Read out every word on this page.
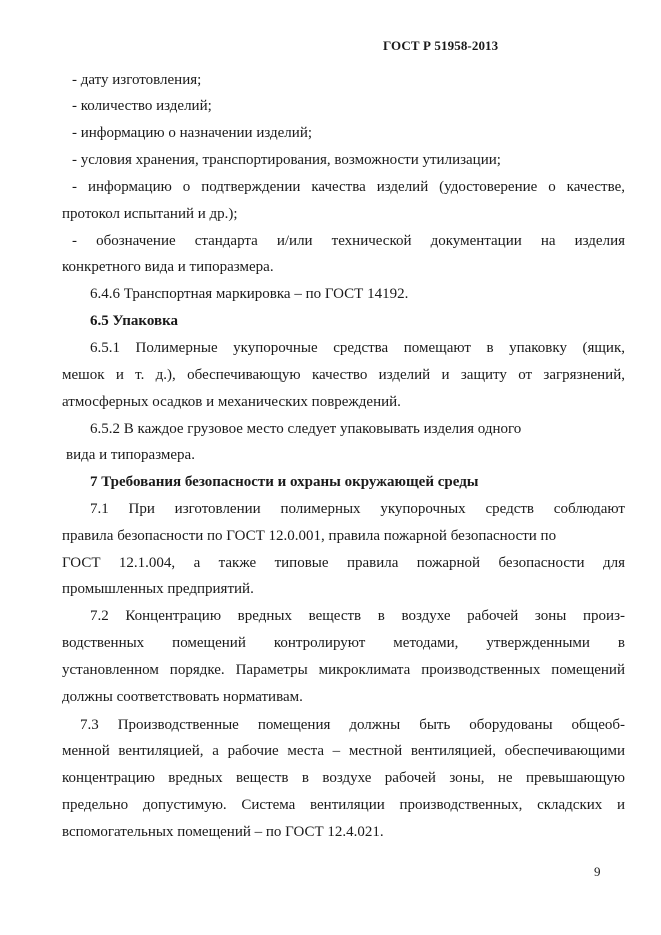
ГОСТ Р 51958-2013
- дату изготовления;
- количество изделий;
- информацию о назначении изделий;
- условия хранения, транспортирования, возможности утилизации;
- информацию о подтверждении качества изделий (удостоверение о качестве,
протокол испытаний и др.);
- обозначение стандарта и/или технической документации на изделия
конкретного вида и типоразмера.
6.4.6 Транспортная маркировка – по ГОСТ 14192.
6.5 Упаковка
6.5.1 Полимерные укупорочные средства помещают в упаковку (ящик,
мешок и т. д.), обеспечивающую качество изделий и защиту от загрязнений,
атмосферных осадков и механических повреждений.
6.5.2 В каждое грузовое место следует упаковывать изделия одного
вида и типоразмера.
7 Требования безопасности и охраны окружающей среды
7.1 При изготовлении полимерных укупорочных средств соблюдают
правила безопасности по ГОСТ 12.0.001, правила пожарной безопасности по
ГОСТ 12.1.004, а также типовые правила пожарной безопасности для
промышленных предприятий.
7.2 Концентрацию вредных веществ в воздухе рабочей зоны произ-
водственных помещений контролируют методами, утвержденными в
установленном порядке. Параметры микроклимата производственных помещений
должны соответствовать нормативам.
7.3 Производственные помещения должны быть оборудованы общеоб-
менной вентиляцией, а рабочие места – местной вентиляцией, обеспечивающими
концентрацию вредных веществ в воздухе рабочей зоны, не превышающую
предельно допустимую. Система вентиляции производственных, складских и
вспомогательных помещений – по ГОСТ 12.4.021.
9
